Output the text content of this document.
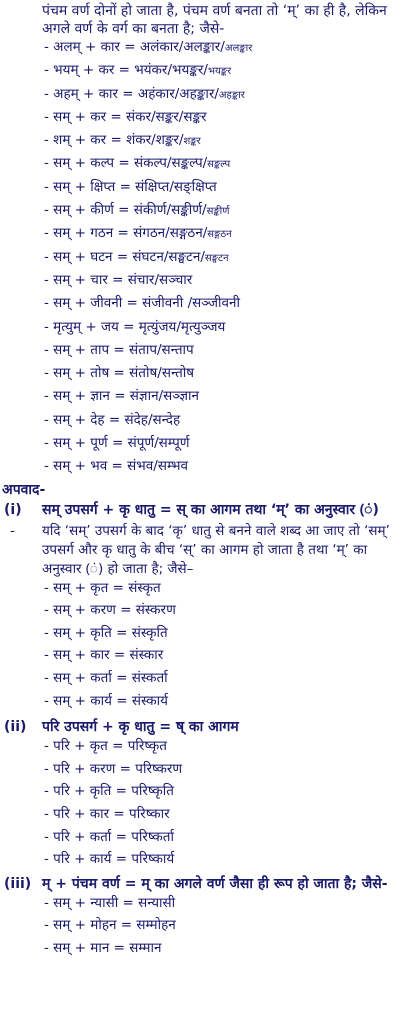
पंचम वर्ण दोनों हो जाता है, पंचम वर्ण बनता तो ‘म्’ का ही है, लेकिन अगले वर्ण के वर्ग का बनता है; जैसे-
- अलम् + कार = अलंकार/अलङ्कार/अलङ्कार
- भयम् + कर = भयंकर/भयङ्कर/भयङ्कर
- अहम् + कार = अहंकार/अहङ्कार/अहङ्कार
- सम् + कर = संकर/सङ्कर/सङ्कर
- शम् + कर = शंकर/शङ्कर/शङ्कर
- सम् + कल्प = संकल्प/सङ्कल्प/सङ्कल्प
- सम् + क्षिप्त = संक्षिप्त/सङ्क्षिप्त
- सम् + कीर्ण = संकीर्ण/सङ्कीर्ण/सङ्कीर्ण
- सम् + गठन = संगठन/सङ्गठन/सङ्गठन
- सम् + घटन = संघटन/सङ्घटन/सङ्घटन
- सम् + चार = संचार/सञ्चार
- सम् + जीवनी = संजीवनी /सञ्जीवनी
- मृत्युम् + जय = मृत्युंजय/मृत्युञ्जय
- सम् + ताप = संताप/सन्ताप
- सम् + तोष = संतोष/सन्तोष
- सम् + ज्ञान = संज्ञान/सञ्ज्ञान
- सम् + देह = संदेह/सन्देह
- सम् + पूर्ण = संपूर्ण/सम्पूर्ण
- सम् + भव = संभव/सम्भव
अपवाद-
(i)	सम् उपसर्ग + कृ धातु = स् का आगम तथा ‘म्’ का अनुस्वार (ं)
-	यदि ‘सम्’ उपसर्ग के बाद ‘कृ’ धातु से बनने वाले शब्द आ जाए तो ‘सम्’ उपसर्ग और कृ धातु के बीच ‘स्’ का आगम हो जाता है तथा ‘म्’ का अनुस्वार (ं) हो जाता है; जैसे–
- सम् + कृत = संस्कृत
- सम् + करण = संस्करण
- सम् + कृति = संस्कृति
- सम् + कार = संस्कार
- सम् + कर्ता = संस्कर्ता
- सम् + कार्य = संस्कार्य
(ii)	परि उपसर्ग + कृ धातु = ष् का आगम
- परि + कृत = परिष्कृत
- परि + करण = परिष्करण
- परि + कृति = परिष्कृति
- परि + कार = परिष्कार
- परि + कर्ता = परिष्कर्ता
- परि + कार्य = परिष्कार्य
(iii) म् + पंचम वर्ण = म् का अगले वर्ण जैसा ही रूप हो जाता है; जैसे-
- सम् + न्यासी = सन्यासी
- सम् + मोहन = सम्मोहन
- सम् + मान = सम्मान
